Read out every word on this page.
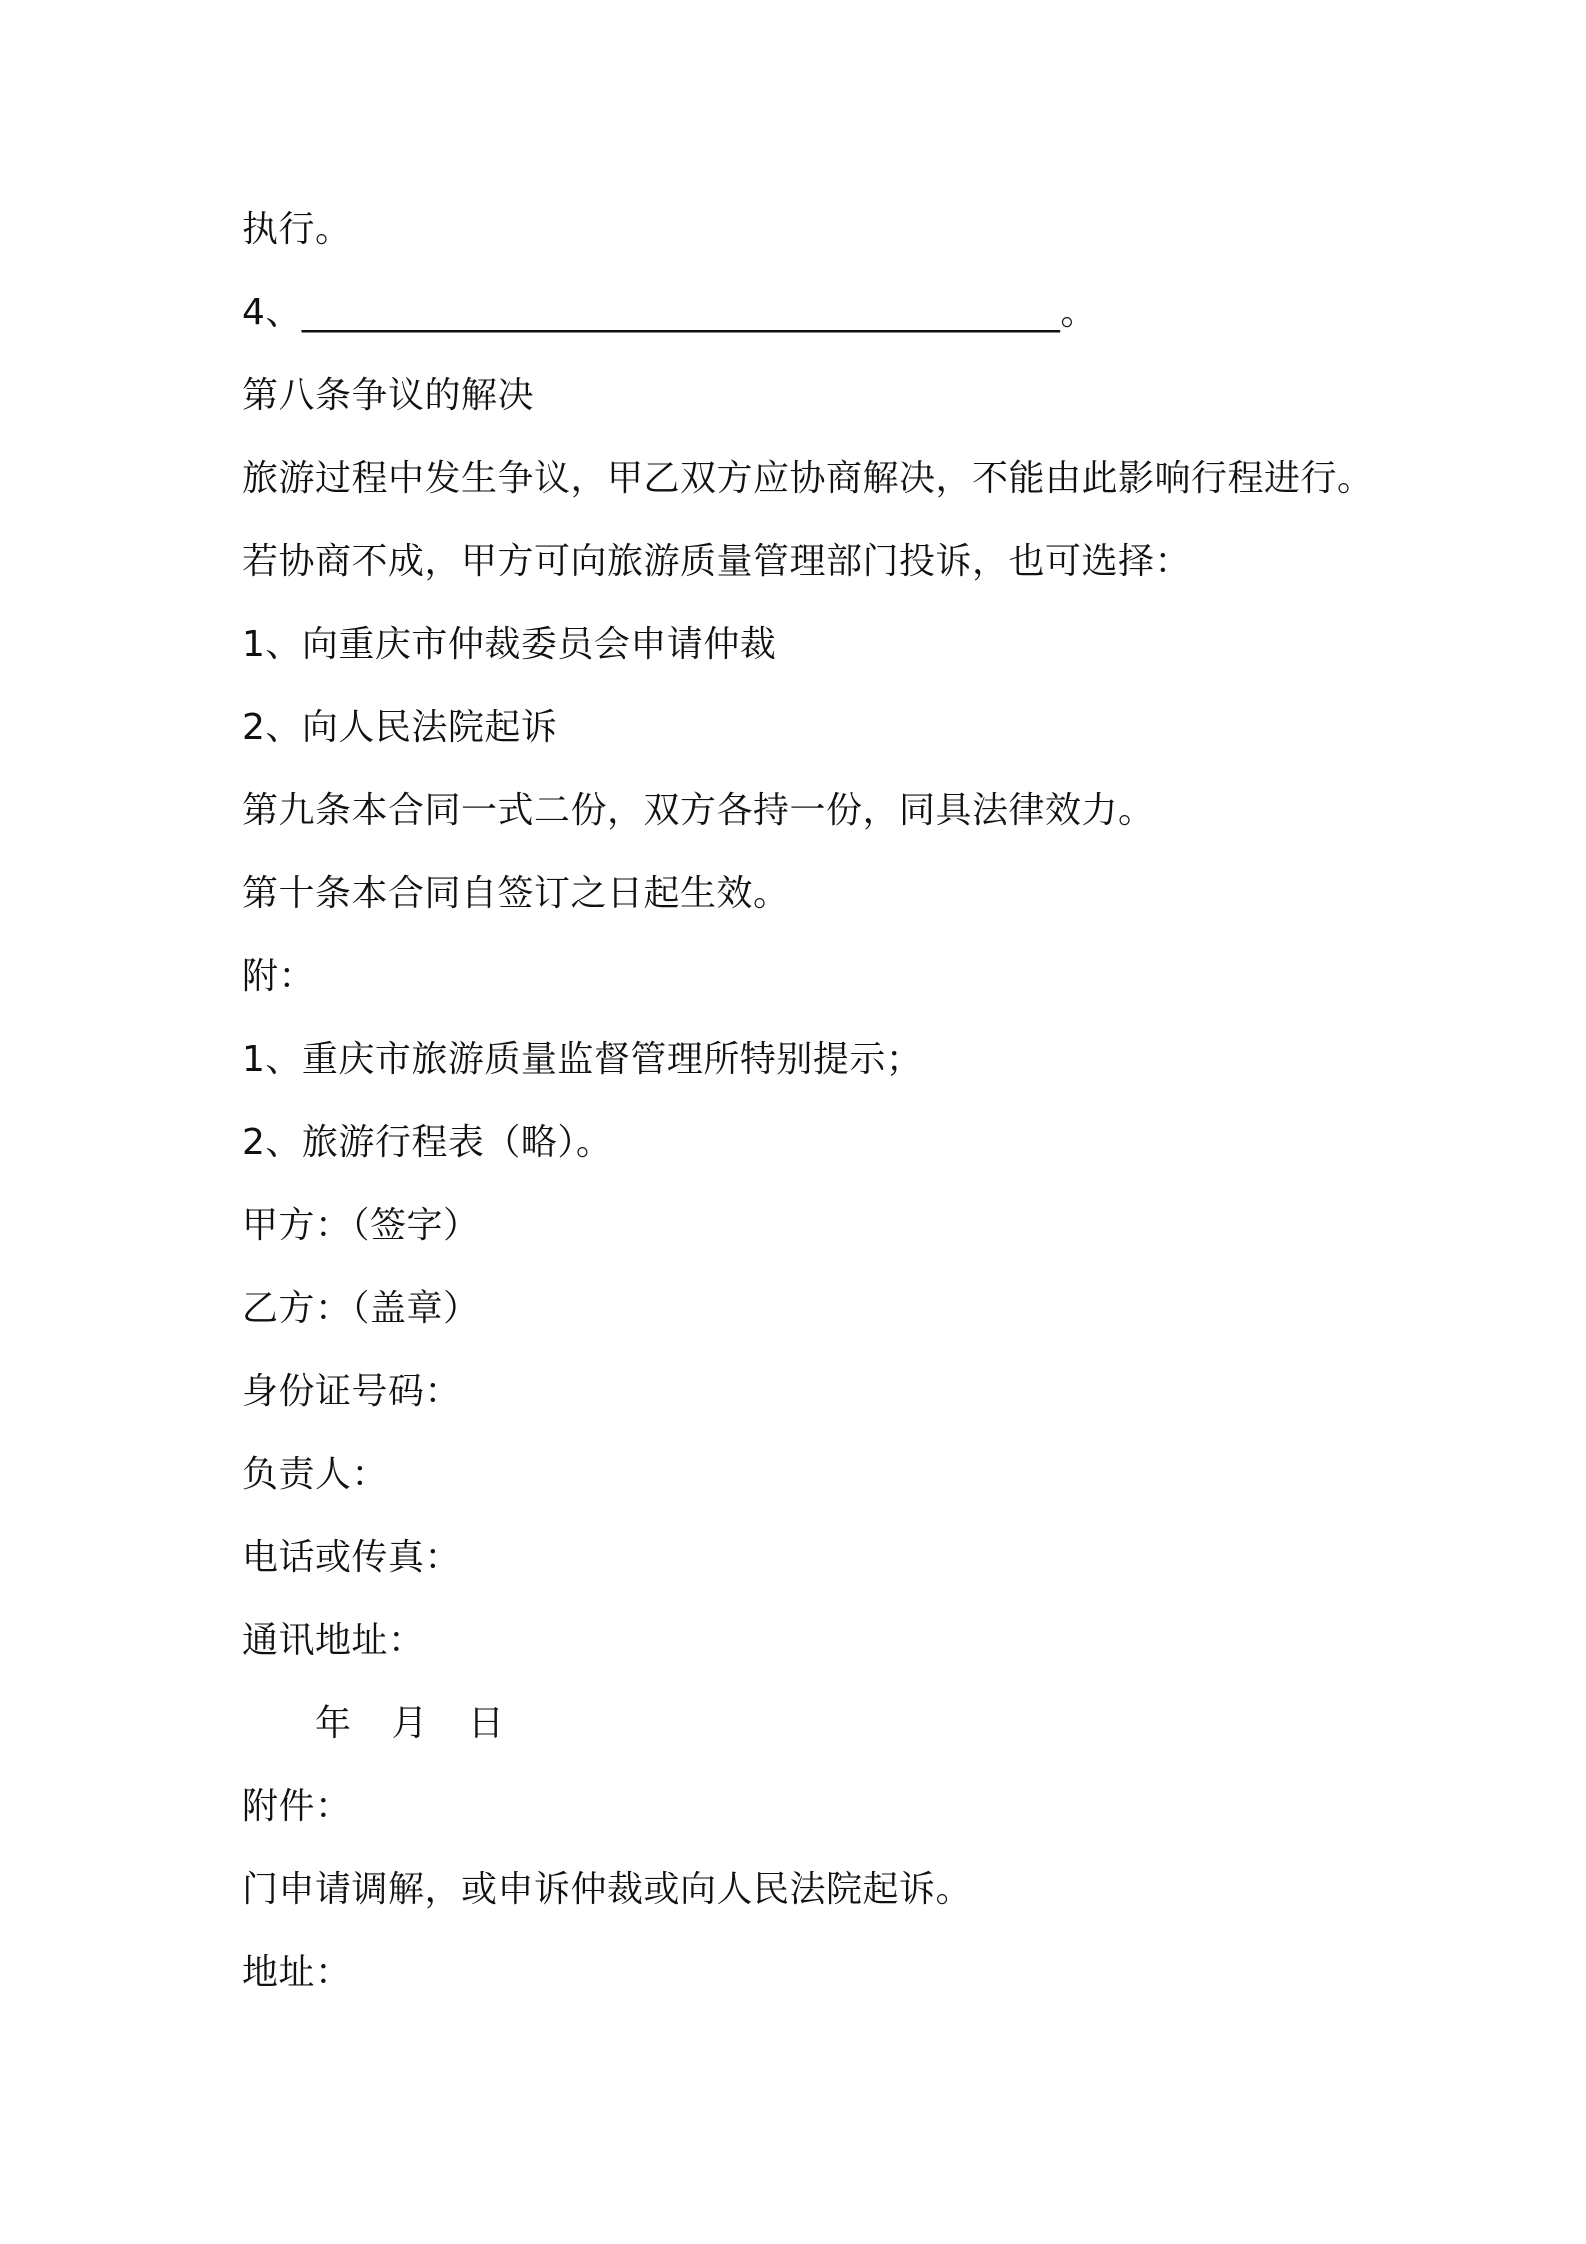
执行。
4、_________________________________________。
第八条争议的解决
旅游过程中发生争议，甲乙双方应协商解决，不能由此影响行程进行。
若协商不成，甲方可向旅游质量管理部门投诉，也可选择：
1、向重庆市仲裁委员会申请仲裁
2、向人民法院起诉
第九条本合同一式二份，双方各持一份，同具法律效力。
第十条本合同自签订之日起生效。
附：
1、重庆市旅游质量监督管理所特别提示；
2、旅游行程表（略）。
甲方：（签字）
乙方：（盖章）
身份证号码：
负责人：
电话或传真：
通讯地址：
年 月 日
附件：
门申请调解，或申诉仲裁或向人民法院起诉。
地址：
